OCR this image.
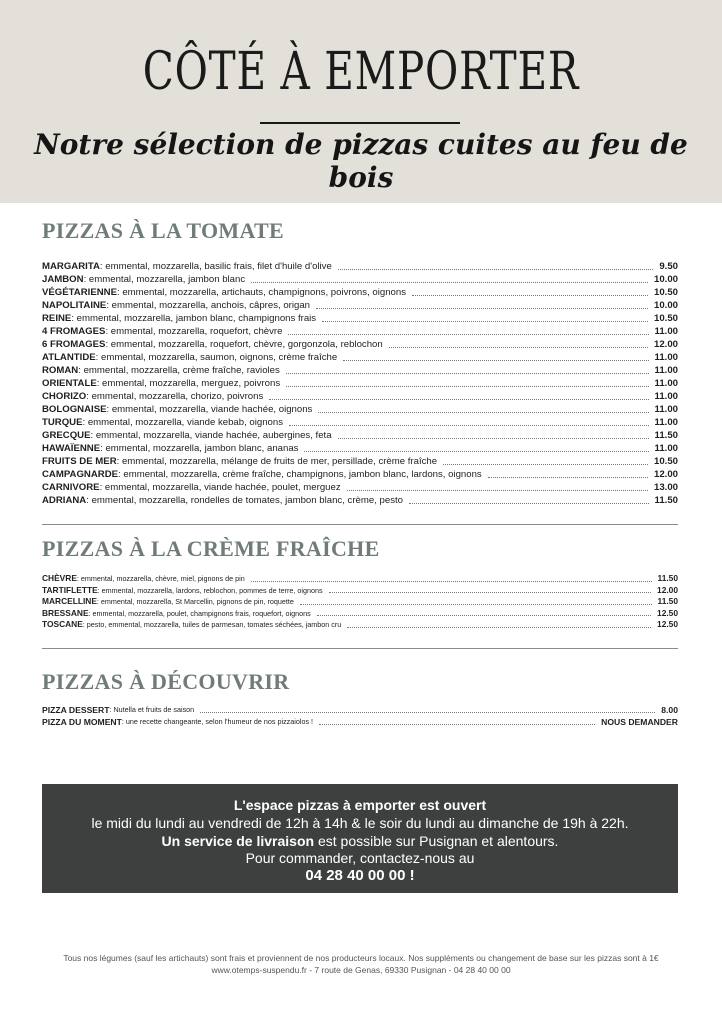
CÔTÉ À EMPORTER
Notre sélection de pizzas cuites au feu de bois
PIZZAS À LA TOMATE
MARGARITA : emmental, mozzarella, basilic frais, filet d'huile d'olive	9.50
JAMBON : emmental, mozzarella, jambon blanc	10.00
VÉGÉTARIENNE : emmental, mozzarella, artichauts, champignons, poivrons, oignons	10.50
NAPOLITAINE : emmental, mozzarella, anchois, câpres, origan	10.00
REINE : emmental, mozzarella, jambon blanc, champignons frais	10.50
4 FROMAGES : emmental, mozzarella, roquefort, chèvre	11.00
6 FROMAGES : emmental, mozzarella, roquefort, chèvre, gorgonzola, reblochon	12.00
ATLANTIDE : emmental, mozzarella, saumon, oignons, crème fraîche	11.00
ROMAN : emmental, mozzarella, crème fraîche, ravioles	11.00
ORIENTALE : emmental, mozzarella, merguez, poivrons	11.00
CHORIZO : emmental, mozzarella, chorizo, poivrons	11.00
BOLOGNAISE : emmental, mozzarella, viande hachée, oignons	11.00
TURQUE : emmental, mozzarella, viande kebab, oignons	11.00
GRECQUE : emmental, mozzarella, viande hachée, aubergines, feta	11.50
HAWAÏENNE : emmental, mozzarella, jambon blanc, ananas	11.00
FRUITS DE MER : emmental, mozzarella, mélange de fruits de mer, persillade, crème fraîche	10.50
CAMPAGNARDE : emmental, mozzarella, crème fraîche, champignons, jambon blanc, lardons, oignons	12.00
CARNIVORE : emmental, mozzarella, viande hachée, poulet, merguez	13.00
ADRIANA : emmental, mozzarella, rondelles de tomates, jambon blanc, crème, pesto	11.50
PIZZAS À LA CRÈME FRAÎCHE
CHÈVRE : emmental, mozzarella, chèvre, miel, pignons de pin	11.50
TARTIFLETTE : emmental, mozzarella, lardons, reblochon, pommes de terre, oignons	12.00
MARCELLINE : emmental, mozzarella, St Marcellin, pignons de pin, roquette	11.50
BRESSANE : emmental, mozzarella, poulet, champignons frais, roquefort, oignons	12.50
TOSCANE : pesto, emmental, mozzarella, tuiles de parmesan, tomates séchées, jambon cru	12.50
PIZZAS À DÉCOUVRIR
PIZZA DESSERT : Nutella et fruits de saison	8.00
PIZZA DU MOMENT : une recette changeante, selon l'humeur de nos pizzaiolos !	NOUS DEMANDER
L'espace pizzas à emporter est ouvert
le midi du lundi au vendredi de 12h à 14h & le soir du lundi au dimanche de 19h à 22h.
Un service de livraison est possible sur Pusignan et alentours.
Pour commander, contactez-nous au
04 28 40 00 00 !
Tous nos légumes (sauf les artichauts) sont frais et proviennent de nos producteurs locaux. Nos suppléments ou changement de base sur les pizzas sont à 1€
www.otemps-suspendu.fr - 7 route de Genas, 69330 Pusignan - 04 28 40 00 00
